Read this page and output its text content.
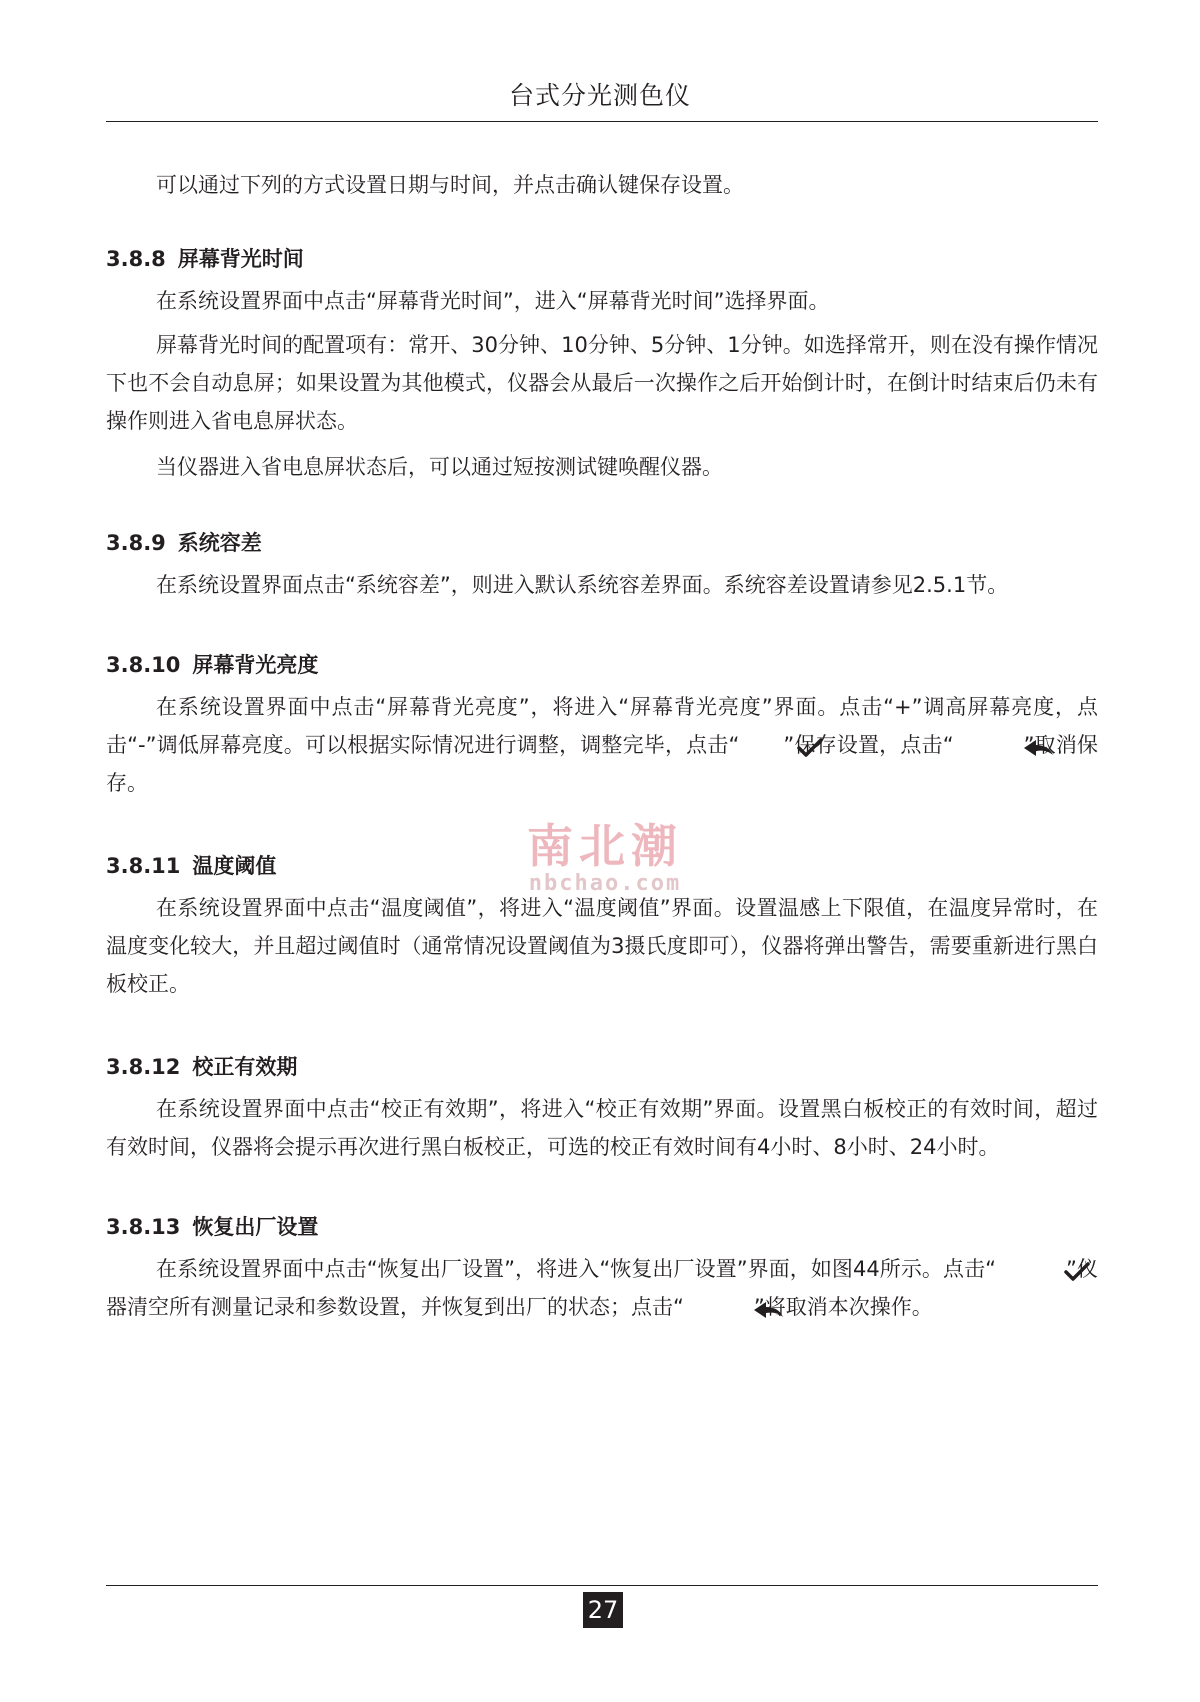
台式分光测色仪

可以通过下列的方式设置日期与时间，并点击确认键保存设置。

3.8.8 屏幕背光时间

在系统设置界面中点击“屏幕背光时间”，进入“屏幕背光时间”选择界面。

屏幕背光时间的配置项有：常开、30分钟、10分钟、5分钟、1分钟。如选择常开，则在没有操作情况下也不会自动息屏；如果设置为其他模式，仪器会从最后一次操作之后开始倒计时，在倒计时结束后仍未有操作则进入省电息屏状态。

当仪器进入省电息屏状态后，可以通过短按测试键唤醒仪器。

3.8.9 系统容差

在系统设置界面点击“系统容差”，则进入默认系统容差界面。系统容差设置请参见2.5.1节。

3.8.10 屏幕背光亮度

在系统设置界面中点击“屏幕背光亮度”，将进入“屏幕背光亮度”界面。点击“+”调高屏幕亮度，点击“-”调低屏幕亮度。可以根据实际情况进行调整，调整完毕，点击“ ”保存设置，点击“	”取消保存。

3.8.11 温度阈值

在系统设置界面中点击“温度阈值”，将进入“温度阈值”界面。设置温感上下限值，在温度异常时，在温度变化较大，并且超过阈值时（通常情况设置阈值为3摄氏度即可），仪器将弹出警告，需要重新进行黑白板校正。

3.8.12 校正有效期

在系统设置界面中点击“校正有效期”，将进入“校正有效期”界面。设置黑白板校正的有效时间，超过有效时间，仪器将会提示再次进行黑白板校正，可选的校正有效时间有4小时、8小时、24小时。

3.8.13 恢复出厂设置

在系统设置界面中点击“恢复出厂设置”，将进入“恢复出厂设置”界面，如图44所示。点击“	”仪器清空所有测量记录和参数设置，并恢复到出厂的状态；点击“	”将取消本次操作。

南北潮
nbchao.com
27
